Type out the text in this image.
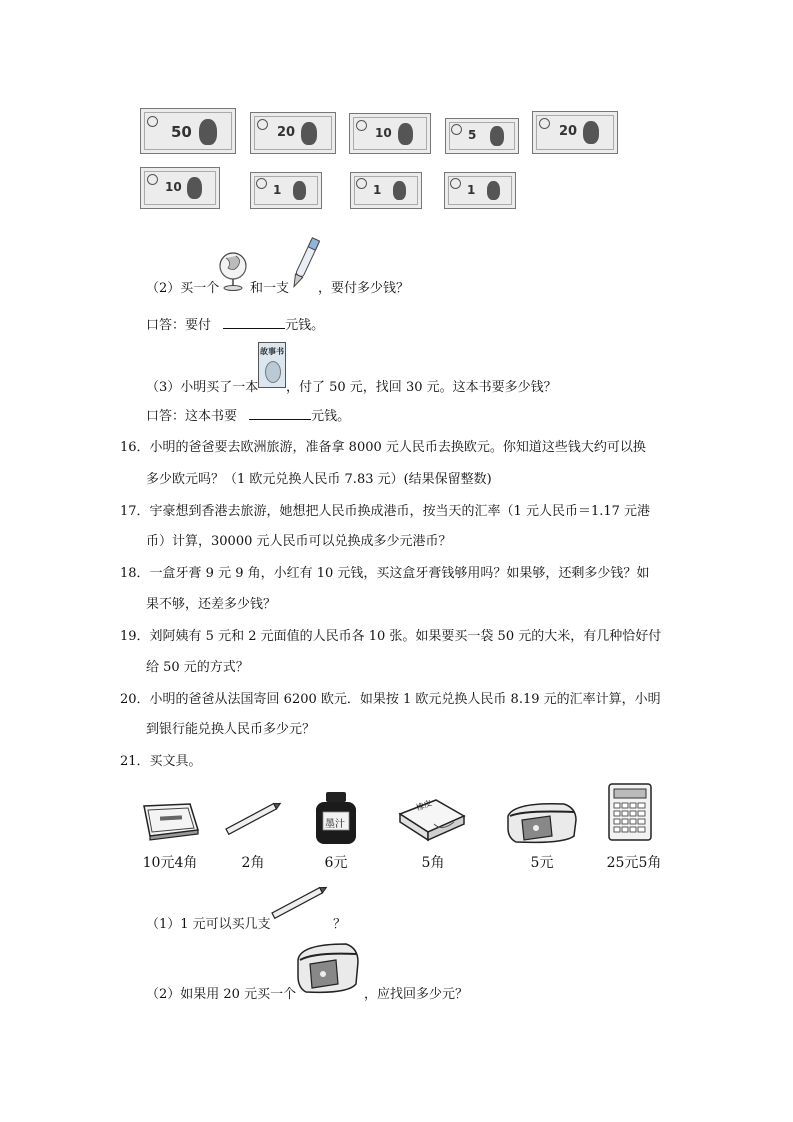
50	20	10	5	20
10	1	1	1
（2）买一个 和一支 ，要付多少钱？
口答：要付	元钱。
（3）小明买了一本
故事书
，付了 50 元，找回 30 元。这本书要多少钱？
口答：这本书要	元钱。
16．小明的爸爸要去欧洲旅游，准备拿 8000 元人民币去换欧元。你知道这些钱大约可以换
多少欧元吗？（1 欧元兑换人民币 7.83 元）(结果保留整数)
17．宇豪想到香港去旅游，她想把人民币换成港币，按当天的汇率（1 元人民币＝1.17 元港
币）计算，30000 元人民币可以兑换成多少元港币？
18．一盒牙膏 9 元 9 角，小红有 10 元钱，买这盒牙膏钱够用吗？如果够，还剩多少钱？如
果不够，还差多少钱？
19．刘阿姨有 5 元和 2 元面值的人民币各 10 张。如果要买一袋 50 元的大米，有几种恰好付
给 50 元的方式？
20．小明的爸爸从法国寄回 6200 欧元．如果按 1 欧元兑换人民币 8.19 元的汇率计算，小明
到银行能兑换人民币多少元？
21．买文具。
墨汁
橡皮
10元4角	2角	6元	5角	5元	25元5角
（1）1 元可以买几支	？
（2）如果用 20 元买一个	，应找回多少元？
